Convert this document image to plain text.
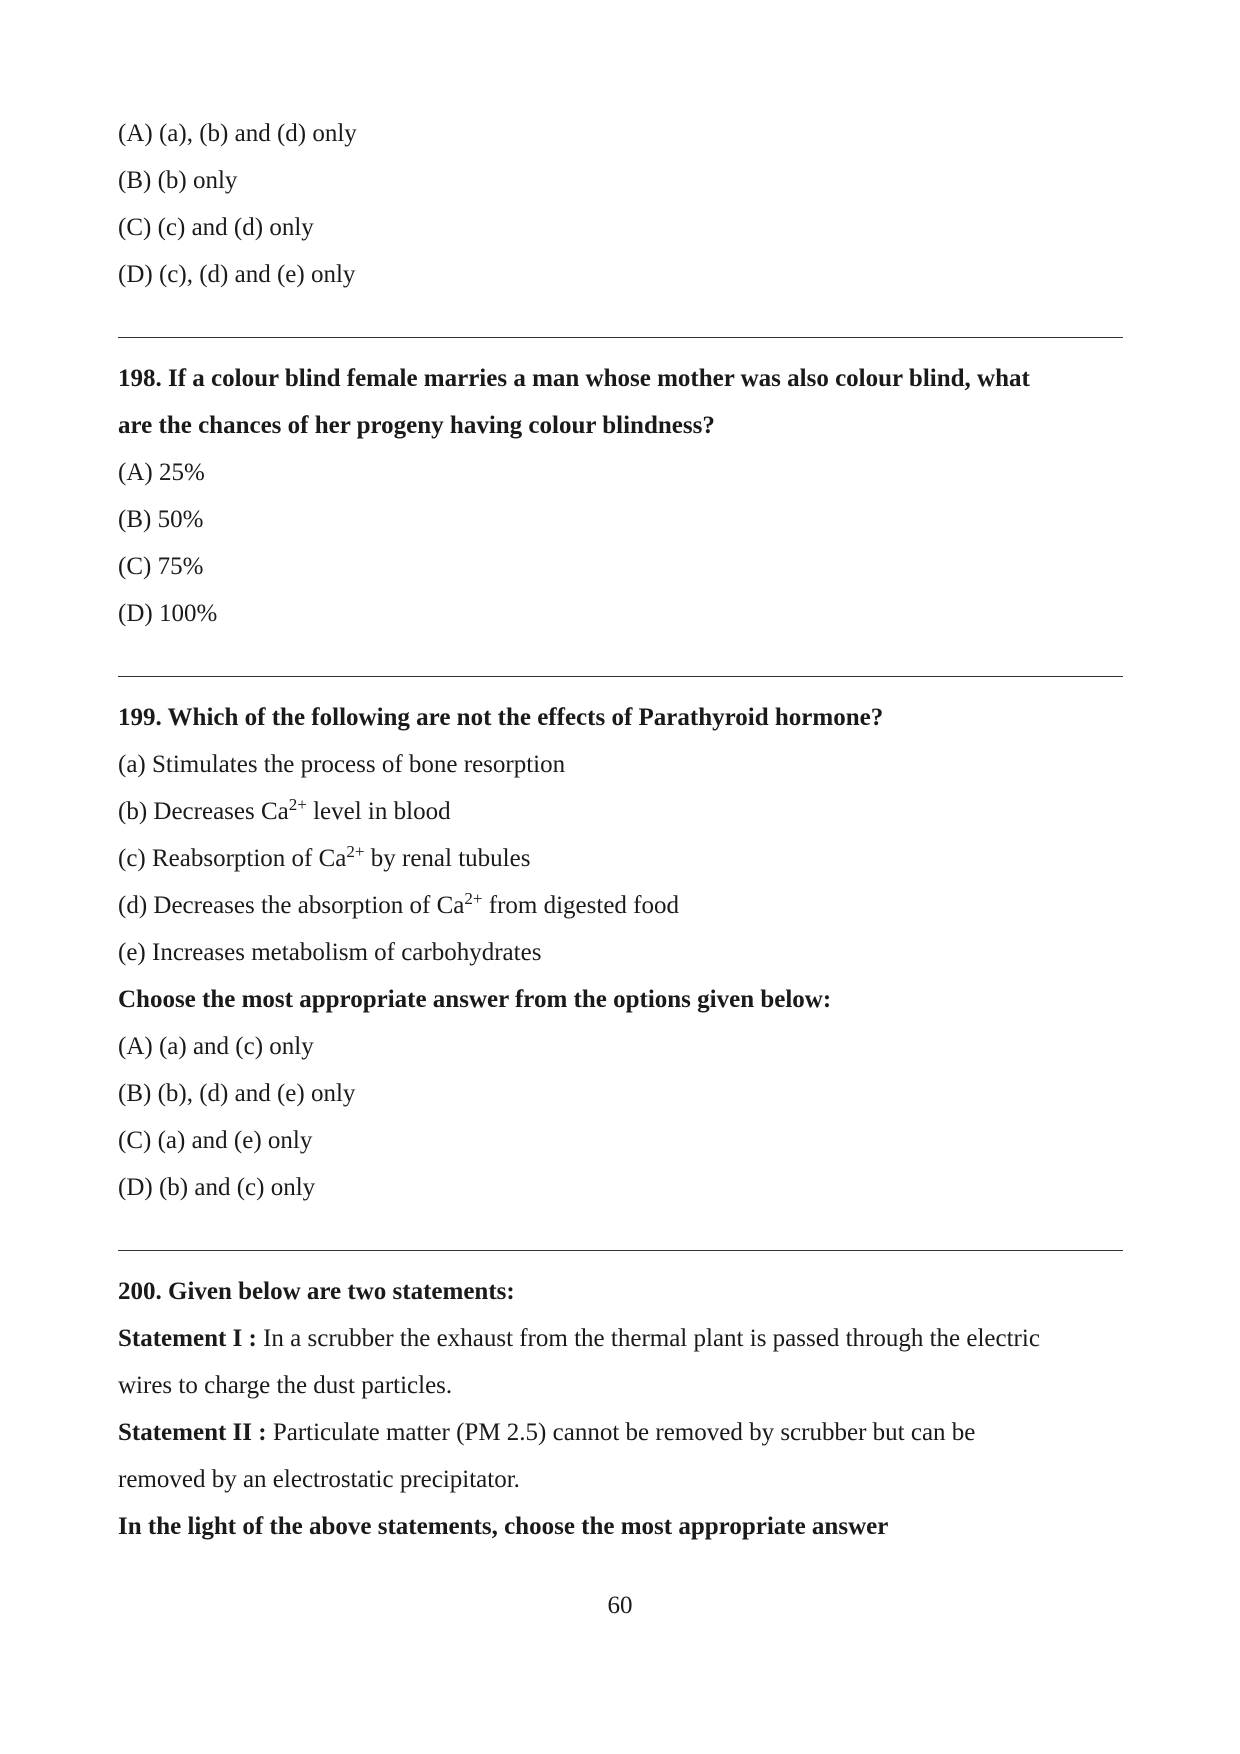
(A) (a), (b) and (d) only
(B) (b) only
(C) (c) and (d) only
(D) (c), (d) and (e) only
198. If a colour blind female marries a man whose mother was also colour blind, what
are the chances of her progeny having colour blindness?
(A) 25%
(B) 50%
(C) 75%
(D) 100%
199. Which of the following are not the effects of Parathyroid hormone?
(a) Stimulates the process of bone resorption
(b) Decreases $Ca^{2+}$ level in blood
(c) Reabsorption of $Ca^{2+}$ by renal tubules
(d) Decreases the absorption of $Ca^{2+}$ from digested food
(e) Increases metabolism of carbohydrates
Choose the most appropriate answer from the options given below:
(A) (a) and (c) only
(B) (b), (d) and (e) only
(C) (a) and (e) only
(D) (b) and (c) only
200. Given below are two statements:
Statement I : In a scrubber the exhaust from the thermal plant is passed through the electric
wires to charge the dust particles.
Statement II : Particulate matter (PM 2.5) cannot be removed by scrubber but can be
removed by an electrostatic precipitator.
In the light of the above statements, choose the most appropriate answer
60
